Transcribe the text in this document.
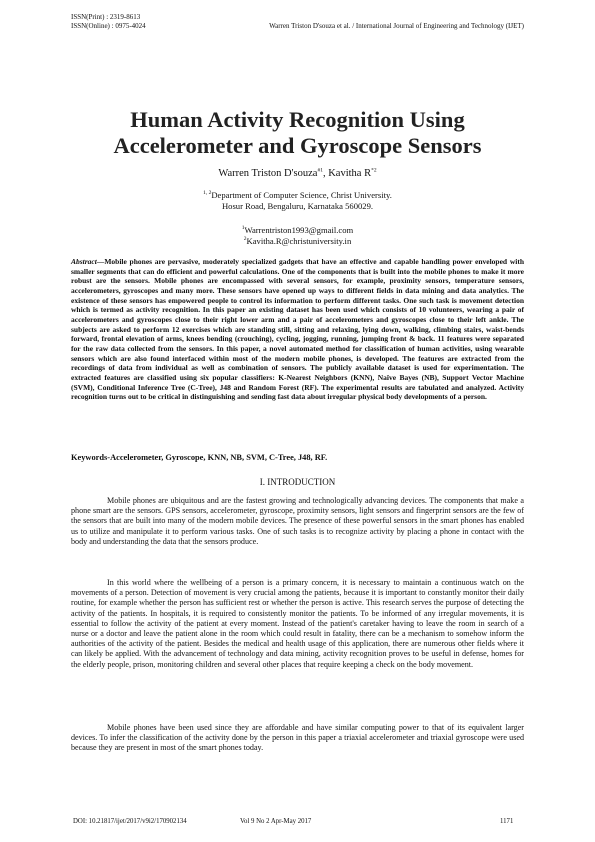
ISSN(Print) : 2319-8613
ISSN(Online) : 0975-4024	Warren Triston D'souza et al. / International Journal of Engineering and Technology (IJET)
Human Activity Recognition Using
Accelerometer and Gyroscope Sensors
Warren Triston D'souza$^{\#1}$, Kavitha $R^{*2}$
$^{1, 2}$Department of Computer Science, Christ University.
Hosur Road, Bengaluru, Karnataka 560029.
$^1$Warrentriston1993@gmail.com
$^2$Kavitha.R@christuniversity.in
Abstract—Mobile phones are pervasive, moderately specialized gadgets that have an effective and capable handling power enveloped with smaller segments that can do efficient and powerful calculations. One of the components that is built into the mobile phones to make it more robust are the sensors. Mobile phones are encompassed with several sensors, for example, proximity sensors, temperature sensors, accelerometers, gyroscopes and many more. These sensors have opened up ways to different fields in data mining and data analytics. The existence of these sensors has empowered people to control its information to perform different tasks. One such task is movement detection which is termed as activity recognition. In this paper an existing dataset has been used which consists of 10 volunteers, wearing a pair of accelerometers and gyroscopes close to their right lower arm and a pair of accelerometers and gyroscopes close to their left ankle. The subjects are asked to perform 12 exercises which are standing still, sitting and relaxing, lying down, walking, climbing stairs, waist-bends forward, frontal elevation of arms, knees bending (crouching), cycling, jogging, running, jumping front & back. 11 features were separated for the raw data collected from the sensors. In this paper, a novel automated method for classification of human activities, using wearable sensors which are also found interfaced within most of the modern mobile phones, is developed. The features are extracted from the recordings of data from individual as well as combination of sensors. The publicly available dataset is used for experimentation. The extracted features are classified using six popular classifiers: K-Nearest Neighbors (KNN), Naïve Bayes (NB), Support Vector Machine (SVM), Conditional Inference Tree (C-Tree), J48 and Random Forest (RF). The experimental results are tabulated and analyzed. Activity recognition turns out to be critical in distinguishing and sending fast data about irregular physical body developments of a person.
Keywords-Accelerometer, Gyroscope, KNN, NB, SVM, C-Tree, J48, RF.
I. INTRODUCTION

Mobile phones are ubiquitous and are the fastest growing and technologically advancing devices. The components that make a phone smart are the sensors. GPS sensors, accelerometer, gyroscope, proximity sensors, light sensors and fingerprint sensors are the few of the sensors that are built into many of the modern mobile devices. The presence of these powerful sensors in the smart phones has enabled us to utilize and manipulate it to perform various tasks. One of such tasks is to recognize activity by placing a phone in contact with the body and understanding the data that the sensors produce.

In this world where the wellbeing of a person is a primary concern, it is necessary to maintain a continuous watch on the movements of a person. Detection of movement is very crucial among the patients, because it is important to constantly monitor their daily routine, for example whether the person has sufficient rest or whether the person is active. This research serves the purpose of detecting the activity of the patients. In hospitals, it is required to consistently monitor the patients. To be informed of any irregular movements, it is essential to follow the activity of the patient at every moment. Instead of the patient's caretaker having to leave the room in search of a nurse or a doctor and leave the patient alone in the room which could result in fatality, there can be a mechanism to somehow inform the authorities of the activity of the patient. Besides the medical and health usage of this application, there are numerous other fields where it can likely be applied. With the advancement of technology and data mining, activity recognition proves to be useful in defense, homes for the elderly people, prison, monitoring children and several other places that require keeping a check on the body movement.

Mobile phones have been used since they are affordable and have similar computing power to that of its equivalent larger devices. To infer the classification of the activity done by the person in this paper a triaxial accelerometer and triaxial gyroscope were used because they are present in most of the smart phones today.

DOI: 10.21817/ijet/2017/v9i2/170902134	Vol 9 No 2 Apr-May 2017	1171
